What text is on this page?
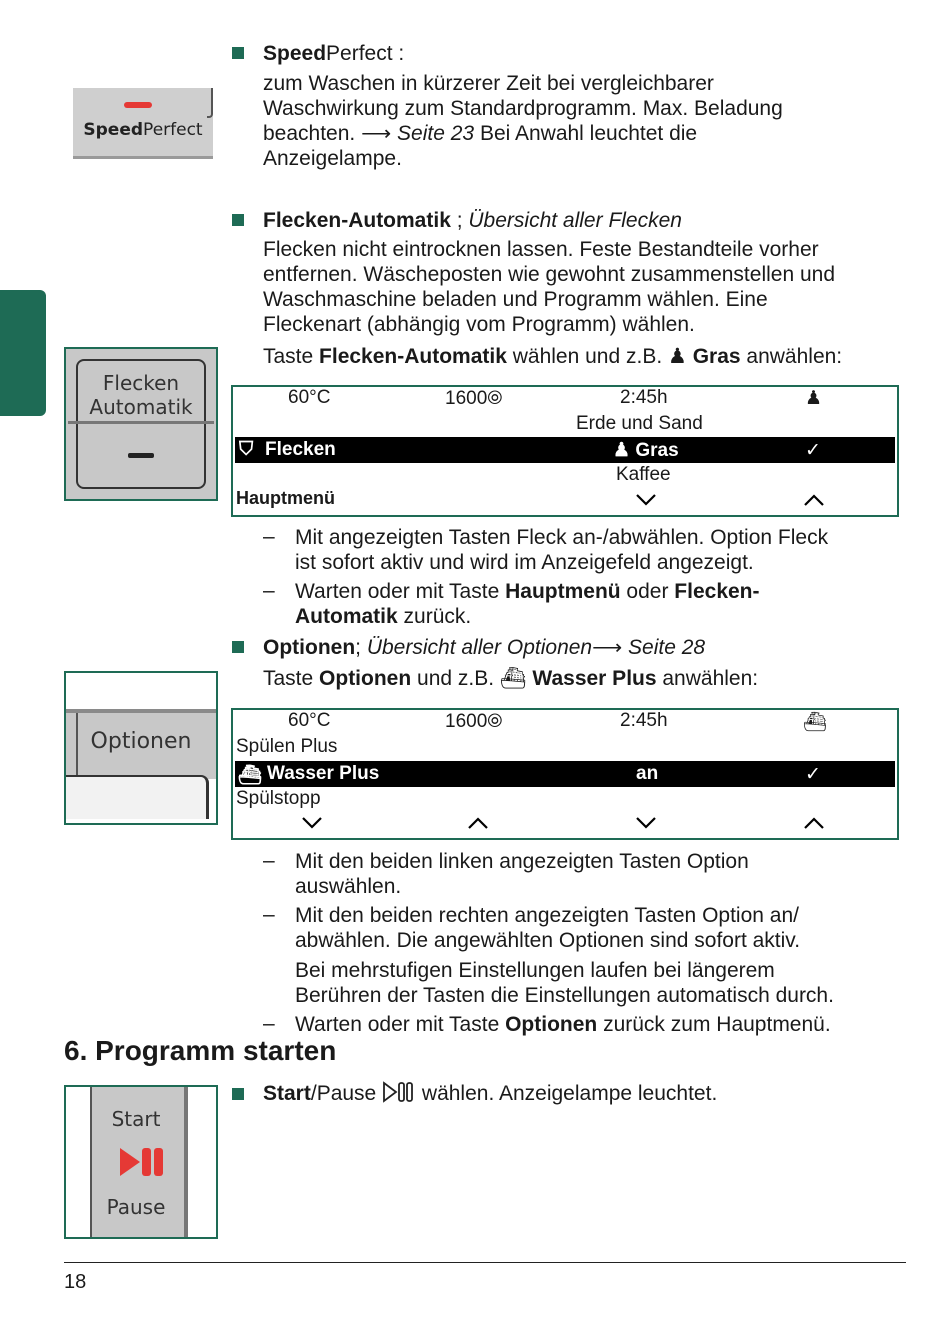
SpeedPerfect
SpeedPerfect :
zum Waschen in kürzerer Zeit bei vergleichbarer
Waschwirkung zum Standardprogramm. Max. Beladung
beachten. ⟶ Seite 23 Bei Anwahl leuchtet die
Anzeigelampe.
Flecken
Automatik
Flecken-Automatik ; Übersicht aller Flecken
Flecken nicht eintrocknen lassen. Feste Bestandteile vorher
entfernen. Wäscheposten wie gewohnt zusammenstellen und
Waschmaschine beladen und Programm wählen. Eine
Fleckenart (abhängig vom Programm) wählen.
Taste Flecken-Automatik wählen und z.B. ♟ Gras anwählen:
60°C	1600⦾	2:45h	♟
Erde und Sand
⛉ Flecken	♟ Gras	✓
Kaffee
Hauptmenü
– Mit angezeigten Tasten Fleck an-/abwählen. Option Fleck
ist sofort aktiv und wird im Anzeigefeld angezeigt.
– Warten oder mit Taste Hauptmenü oder Flecken-
Automatik zurück.
Optionen
Optionen; Übersicht aller Optionen⟶ Seite 28
Taste Optionen und z.B. ⛴ Wasser Plus anwählen:
60°C	1600⦾	2:45h	⛴
Spülen Plus
⛴ Wasser Plus	an	✓
Spülstopp
– Mit den beiden linken angezeigten Tasten Option
auswählen.
– Mit den beiden rechten angezeigten Tasten Option an/
abwählen. Die angewählten Optionen sind sofort aktiv.
Bei mehrstufigen Einstellungen laufen bei längerem
Berühren der Tasten die Einstellungen automatisch durch.
– Warten oder mit Taste Optionen zurück zum Hauptmenü.
6. Programm starten
Start
Pause
Start/Pause  wählen. Anzeigelampe leuchtet.
18
